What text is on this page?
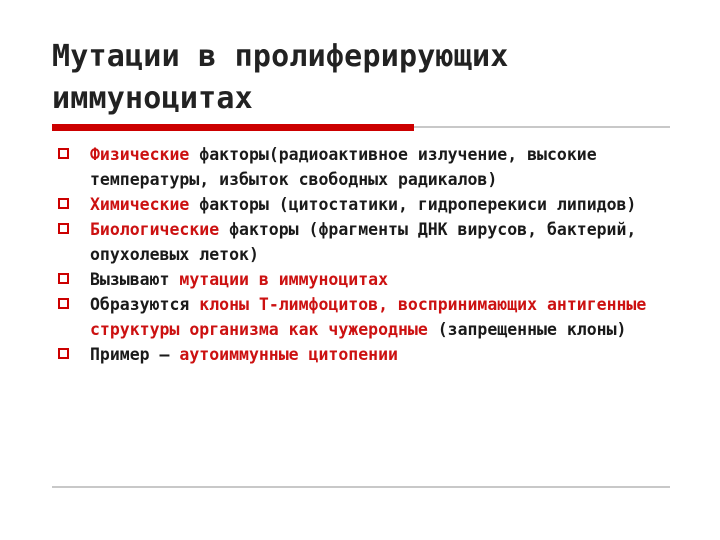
Мутации в пролиферирующих
иммуноцитах
Физические факторы(радиоактивное излучение, высокие температуры, избыток свободных радикалов)
Химические факторы (цитостатики, гидроперекиси липидов)
Биологические факторы (фрагменты ДНК вирусов, бактерий, опухолевых леток)
Вызывают мутации в иммуноцитах
Образуются клоны Т-лимфоцитов, воспринимающих антигенные структуры организма как чужеродные (запрещенные клоны)
Пример – аутоиммунные цитопении
